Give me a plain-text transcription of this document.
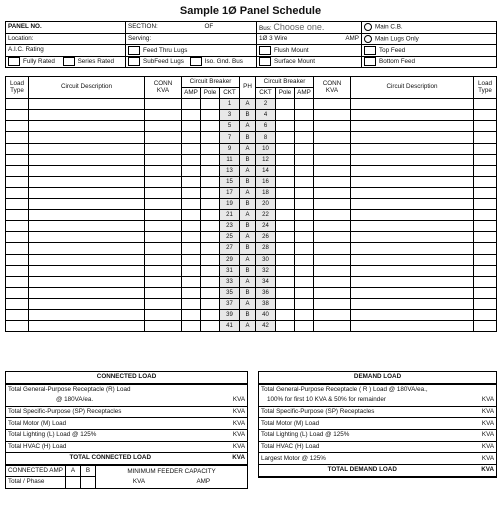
Sample 1Ø Panel Schedule
PANEL NO.	SECTION: OF	Bus: Choose one.	Main C.B.
Location:	Serving:	1Ø 3 Wire AMP	Main Lugs Only
A.I.C. Rating	Feed Thru Lugs	Flush Mount	Top Feed
Fully Rated Series Rated	SubFeed Lugs Iso. Gnd. Bus	Surface Mount	Bottom Feed
Load Type	Circuit Description	CONN KVA	Circuit Breaker			PH	Circuit Breaker			CONN KVA	Circuit Description	Load Type
			AMP	Pole	CKT		CKT	Pole	AMP			
					1	A	2					
					3	B	4					
					5	A	6					
					7	B	8					
					9	A	10					
					11	B	12					
					13	A	14					
					15	B	16					
					17	A	18					
					19	B	20					
					21	A	22					
					23	B	24					
					25	A	26					
					27	B	28					
					29	A	30					
					31	B	32					
					33	A	34					
					35	B	36					
					37	A	38					
					39	B	40					
					41	A	42					
CONNECTED LOAD						DEMAND LOAD	
Total General-Purpose Receptacle (R) Load						Total General-Purpose Receptacle ( R ) Load @ 180VA/ea.,	
@ 180VA/ea.				KVA		100% for first 10 KVA & 50% for remainder	KVA
Total Specific-Purpose (SP) Receptacles				KVA		Total Specific-Purpose (SP) Receptacles	KVA
Total Motor (M) Load				KVA		Total Motor (M) Load	KVA
Total Lighting (L) Load @ 125%				KVA		Total Lighting (L) Load @ 125%	KVA
Total HVAC (H) Load				KVA		Total HVAC (H) Load	KVA
TOTAL CONNECTED LOAD				KVA		Largest Motor @ 125%	KVA
CONNECTED AMP	A	B	MINIMUM FEEDER CAPACITY
KVA AMP			TOTAL DEMAND LOAD	KVA
Total / Phase							
